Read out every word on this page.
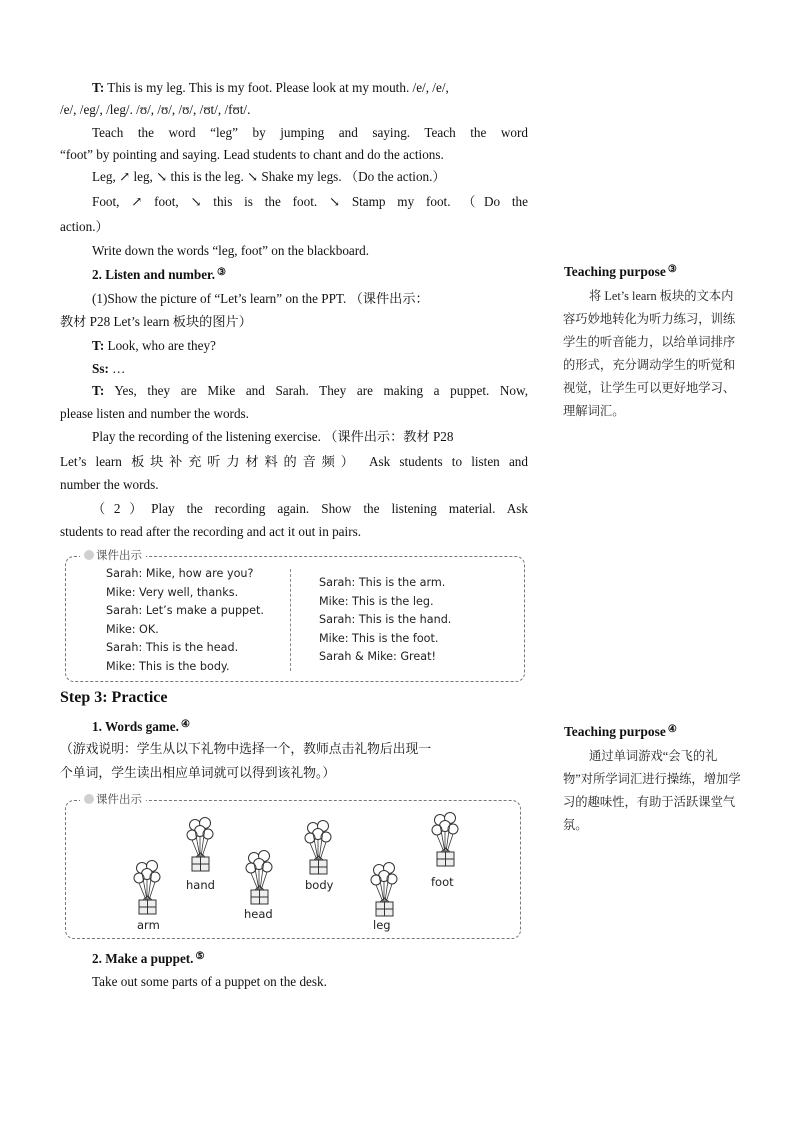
T: This is my leg. This is my foot. Please look at my mouth. /e/, /e/,
/e/, /eg/, /leg/. /ʊ/, /ʊ/, /ʊ/, /ʊt/, /fʊt/.
Teach the word “leg” by jumping and saying. Teach the word
“foot” by pointing and saying. Lead students to chant and do the actions.
Leg, ↗ leg, ↘ this is the leg. ↘ Shake my legs. （Do the action.）
Foot, ↗ foot, ↘ this is the foot. ↘ Stamp my foot. （Do the
action.）
Write down the words “leg, foot” on the blackboard.
2. Listen and number. ③
(1)Show the picture of “Let’s learn” on the PPT. （课件出示：
教材 P28 Let’s learn 板块的图片）
T: Look, who are they?
Ss: …
T: Yes, they are Mike and Sarah. They are making a puppet. Now,
please listen and number the words.
Play the recording of the listening exercise. （课件出示：教材 P28
Let’s learn 板块补充听力材料的音频） Ask students to listen and
number the words.
（2）Play the recording again. Show the listening material. Ask
students to read after the recording and act it out in pairs.
课件出示
Sarah: Mike, how are you?
Mike: Very well, thanks.
Sarah: Let’s make a puppet.
Mike: OK.
Sarah: This is the head.
Mike: This is the body.
Sarah: This is the arm.
Mike: This is the leg.
Sarah: This is the hand.
Mike: This is the foot.
Sarah & Mike: Great!
Step 3: Practice
1. Words game. ④
（游戏说明：学生从以下礼物中选择一个，教师点击礼物后出现一
个单词，学生读出相应单词就可以得到该礼物。）
课件出示
arm
hand
head
body
leg
foot
2. Make a puppet. ⑤
Take out some parts of a puppet on the desk.
Teaching purpose ③
将 Let’s learn 板块的文本内容巧妙地转化为听力练习，训练学生的听音能力，以给单词排序的形式，充分调动学生的听觉和视觉，让学生可以更好地学习、理解词汇。
Teaching purpose ④
通过单词游戏“会飞的礼物”对所学词汇进行操练，增加学习的趣味性，有助于活跃课堂气氛。
